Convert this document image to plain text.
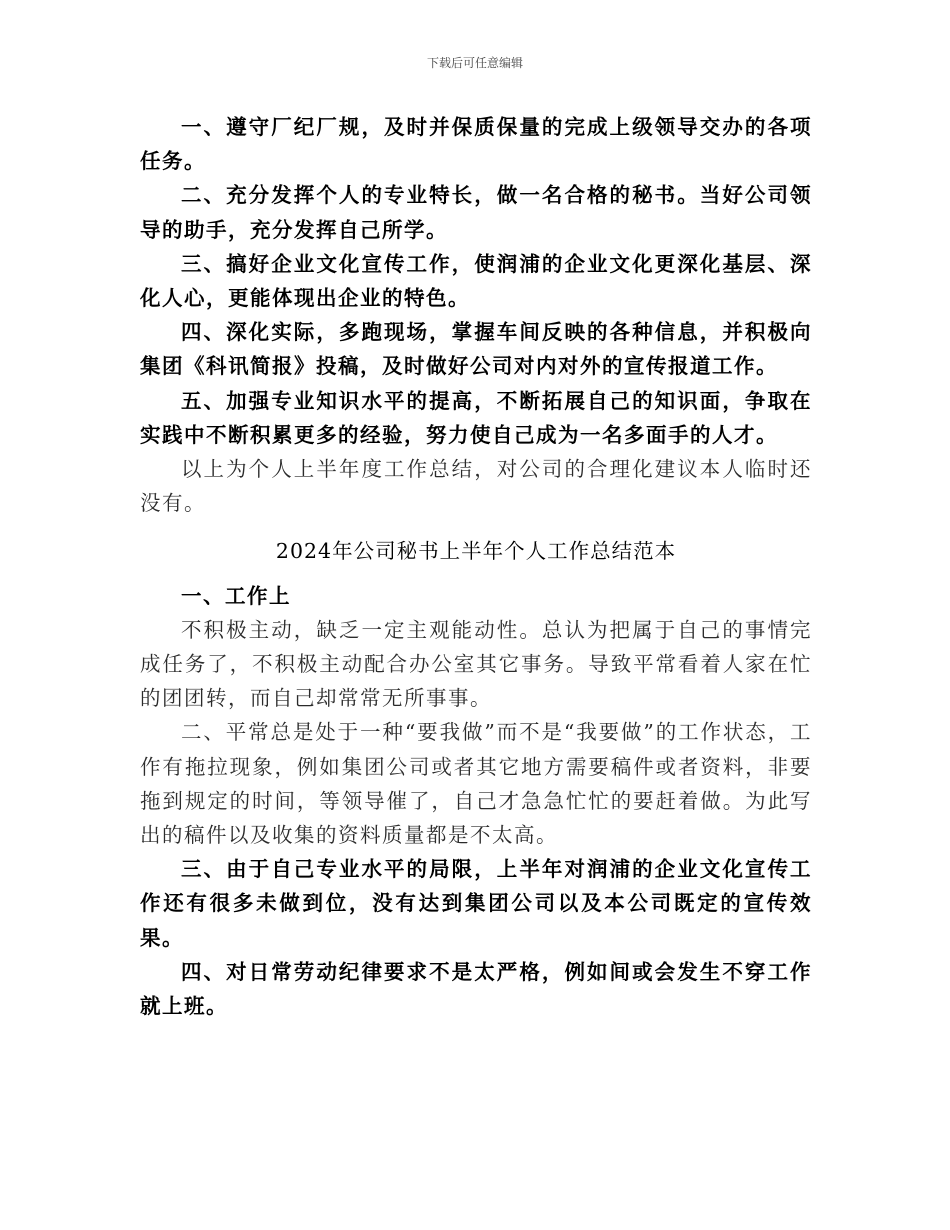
下载后可任意编辑

一、遵守厂纪厂规，及时并保质保量的完成上级领导交办的各项任务。

二、充分发挥个人的专业特长，做一名合格的秘书。当好公司领导的助手，充分发挥自己所学。

三、搞好企业文化宣传工作，使润浦的企业文化更深化基层、深化人心，更能体现出企业的特色。

四、深化实际，多跑现场，掌握车间反映的各种信息，并积极向集团《科讯简报》投稿，及时做好公司对内对外的宣传报道工作。

五、加强专业知识水平的提高，不断拓展自己的知识面，争取在实践中不断积累更多的经验，努力使自己成为一名多面手的人才。

以上为个人上半年度工作总结，对公司的合理化建议本人临时还没有。

2024年公司秘书上半年个人工作总结范本

一、工作上

不积极主动，缺乏一定主观能动性。总认为把属于自己的事情完成任务了，不积极主动配合办公室其它事务。导致平常看着人家在忙的团团转，而自己却常常无所事事。

二、平常总是处于一种“要我做”而不是“我要做”的工作状态，工作有拖拉现象，例如集团公司或者其它地方需要稿件或者资料，非要拖到规定的时间，等领导催了，自己才急急忙忙的要赶着做。为此写出的稿件以及收集的资料质量都是不太高。

三、由于自己专业水平的局限，上半年对润浦的企业文化宣传工作还有很多未做到位，没有达到集团公司以及本公司既定的宣传效果。

四、对日常劳动纪律要求不是太严格，例如间或会发生不穿工作就上班。
